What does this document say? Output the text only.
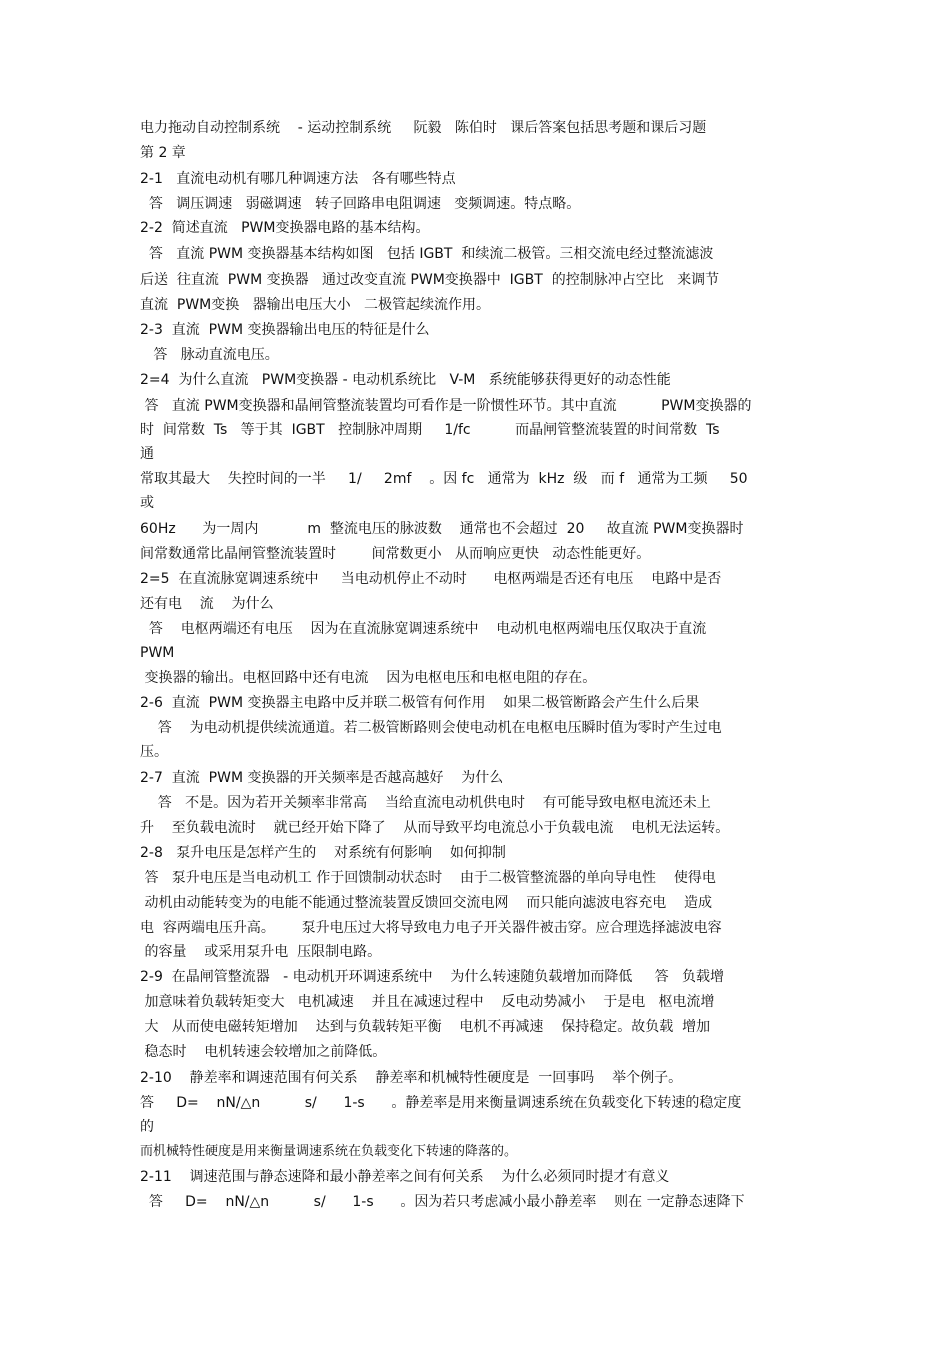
电力拖动自动控制系统    - 运动控制系统     阮毅   陈伯时   课后答案包括思考题和课后习题
第 2 章
2-1   直流电动机有哪几种调速方法   各有哪些特点
答   调压调速   弱磁调速   转子回路串电阻调速   变频调速。特点略。
2-2  简述直流   PWM变换器电路的基本结构。
答   直流 PWM 变换器基本结构如图   包括 IGBT  和续流二极管。三相交流电经过整流滤波
后送  往直流  PWM 变换器   通过改变直流 PWM变换器中  IGBT  的控制脉冲占空比   来调节
直流  PWM变换   器输出电压大小   二极管起续流作用。
2-3  直流  PWM 变换器输出电压的特征是什么
答   脉动直流电压。
2=4  为什么直流   PWM变换器 - 电动机系统比   V-M   系统能够获得更好的动态性能
答   直流 PWM变换器和晶闸管整流装置均可看作是一阶惯性环节。其中直流          PWM变换器的
时  间常数  Ts   等于其  IGBT   控制脉冲周期     1/fc          而晶闸管整流装置的时间常数  Ts
通
常取其最大    失控时间的一半     1/     2mf    。因 fc   通常为  kHz  级   而 f   通常为工频     50
或
60Hz      为一周内           m  整流电压的脉波数    通常也不会超过  20     故直流 PWM变换器时
间常数通常比晶闸管整流装置时        间常数更小   从而响应更快   动态性能更好。
2=5  在直流脉宽调速系统中     当电动机停止不动时      电枢两端是否还有电压    电路中是否
还有电    流    为什么
答    电枢两端还有电压    因为在直流脉宽调速系统中    电动机电枢两端电压仅取决于直流
PWM
变换器的输出。电枢回路中还有电流    因为电枢电压和电枢电阻的存在。
2-6  直流  PWM 变换器主电路中反并联二极管有何作用    如果二极管断路会产生什么后果
答    为电动机提供续流通道。若二极管断路则会使电动机在电枢电压瞬时值为零时产生过电
压。
2-7  直流  PWM 变换器的开关频率是否越高越好    为什么
答   不是。因为若开关频率非常高    当给直流电动机供电时    有可能导致电枢电流还未上
升    至负载电流时    就已经开始下降了    从而导致平均电流总小于负载电流    电机无法运转。
2-8   泵升电压是怎样产生的    对系统有何影响    如何抑制
答   泵升电压是当电动机工 作于回馈制动状态时    由于二极管整流器的单向导电性    使得电
动机由动能转变为的电能不能通过整流装置反馈回交流电网    而只能向滤波电容充电    造成
电  容两端电压升高。      泵升电压过大将导致电力电子开关器件被击穿。应合理选择滤波电容
的容量    或采用泵升电  压限制电路。
2-9  在晶闸管整流器   - 电动机开环调速系统中    为什么转速随负载增加而降低     答   负载增
加意味着负载转矩变大   电机减速    并且在减速过程中    反电动势减小    于是电   枢电流增
大   从而使电磁转矩增加    达到与负载转矩平衡    电机不再减速    保持稳定。故负载  增加
稳态时    电机转速会较增加之前降低。
2-10    静差率和调速范围有何关系    静差率和机械特性硬度是  一回事吗    举个例子。
答     D=    nN/△n          s/      1-s      。静差率是用来衡量调速系统在负载变化下转速的稳定度
的
而机械特性硬度是用来衡量调速系统在负载变化下转速的降落的。
2-11    调速范围与静态速降和最小静差率之间有何关系    为什么必须同时提才有意义
答     D=    nN/△n          s/      1-s      。因为若只考虑减小最小静差率    则在 一定静态速降下
